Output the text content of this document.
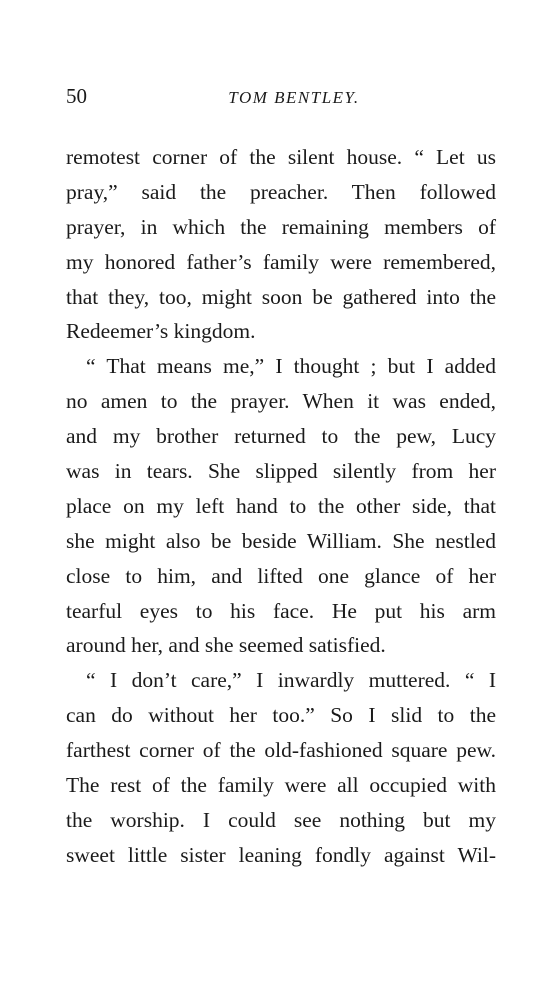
50	TOM BENTLEY.
remotest corner of the silent house. “ Let us
pray,” said the preacher. Then followed
prayer, in which the remaining members of
my honored father’s family were remembered,
that they, too, might soon be gathered into the
Redeemer’s kingdom.
“ That means me,” I thought ; but I added
no amen to the prayer. When it was ended,
and my brother returned to the pew, Lucy
was in tears. She slipped silently from her
place on my left hand to the other side, that
she might also be beside William. She nestled
close to him, and lifted one glance of her
tearful eyes to his face. He put his arm
around her, and she seemed satisfied.
“ I don’t care,” I inwardly muttered. “ I
can do without her too.” So I slid to the
farthest corner of the old-fashioned square pew.
The rest of the family were all occupied with
the worship. I could see nothing but my
sweet little sister leaning fondly against Wil-
